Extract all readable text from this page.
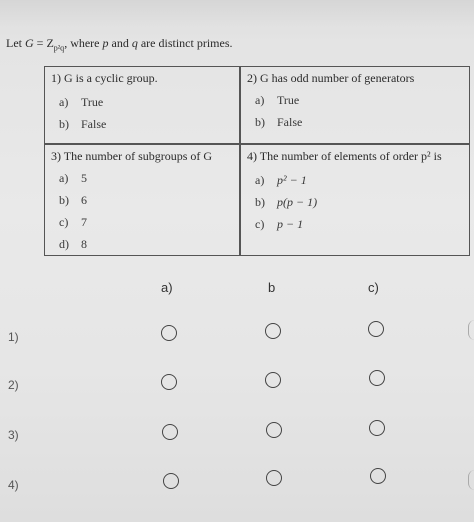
Let $G = Z_{p^2q}$, where p and q are distinct primes.
1) G is a cyclic group.
a) True
b) False
2) G has odd number of generators
a) True
b) False
3) The number of subgroups of G
a) 5
b) 6
c) 7
d) 8
4) The number of elements of order p² is
a) p² − 1
b) p(p − 1)
c) p − 1
a)	b	c)
1)
2)
3)
4)
